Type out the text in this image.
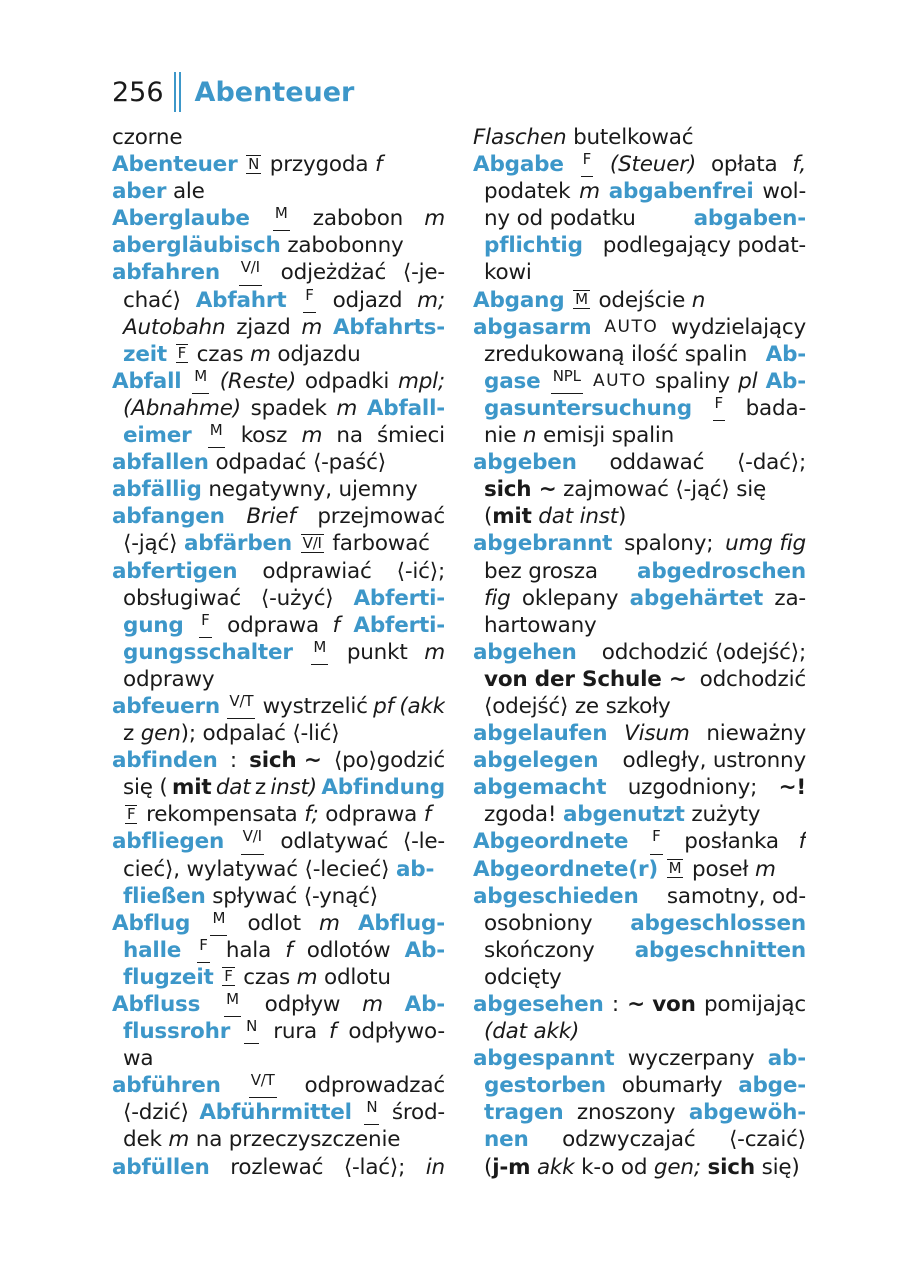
256 Abenteuer
czorne
Abenteuer N przygoda f
aber ale
Aberglaube M zabobon m
abergläubisch zabobonny
abfahren V/I odjeżdżać ⟨-je-
chać⟩ Abfahrt F odjazd m;
Autobahn zjazd m Abfahrts-
zeit F czas m odjazdu
Abfall M (Reste) odpadki mpl;
(Abnahme) spadek m Abfall-
eimer M kosz m na śmieci
abfallen odpadać ⟨-paść⟩
abfällig negatywny, ujemny
abfangen Brief przejmować
⟨-jąć⟩ abfärben V/I farbować
abfertigen odprawiać ⟨-ić⟩;
obsługiwać ⟨-użyć⟩ Abferti-
gung F odprawa f Abferti-
gungsschalter M punkt m
odprawy
abfeuern V/T wystrzelić pf (akk
z gen); odpalać ⟨-lić⟩
abfinden : sich ~ ⟨po⟩godzić
się ( mit dat z inst) Abfindung
F rekompensata f; odprawa f
abfliegen V/I odlatywać ⟨-le-
cieć⟩, wylatywać ⟨-lecieć⟩ ab-
fließen spływać ⟨-ynąć⟩
Abflug M odlot m Abflug-
halle F hala f odlotów Ab-
flugzeit F czas m odlotu
Abfluss M odpływ m Ab-
flussrohr N rura f odpływo-
wa
abführen V/T odprowadzać
⟨-dzić⟩ Abführmittel N środ-
dek m na przeczyszczenie
abfüllen rozlewać ⟨-lać⟩; in
Flaschen butelkować
Abgabe F (Steuer) opłata f,
podatek m abgabenfrei wol-
ny od podatku	abgaben-
pflichtig podlegający podat-
kowi
Abgang M odejście n
abgasarm AUTO wydzielający
zredukowaną ilość spalin Ab-
gase NPL AUTO spaliny pl Ab-
gasuntersuchung F bada-
nie n emisji spalin
abgeben oddawać ⟨-dać⟩;
sich ~ zajmować ⟨-jąć⟩ się
(mit dat inst)
abgebrannt spalony; umg fig
bez grosza abgedroschen
fig oklepany abgehärtet za-
hartowany
abgehen odchodzić ⟨odejść⟩;
von der Schule ~ odchodzić
⟨odejść⟩ ze szkoły
abgelaufen Visum nieważny
abgelegen odległy, ustronny
abgemacht uzgodniony; ~!
zgoda! abgenutzt zużyty
Abgeordnete F posłanka f
Abgeordnete(r) M poseł m
abgeschieden samotny, od-
osobniony abgeschlossen
skończony abgeschnitten
odcięty
abgesehen : ~ von pomijając
(dat akk)
abgespannt wyczerpany ab-
gestorben obumarły abge-
tragen znoszony abgewöh-
nen odzwyczajać ⟨-czaić⟩
(j-m akk k-o od gen; sich się)
